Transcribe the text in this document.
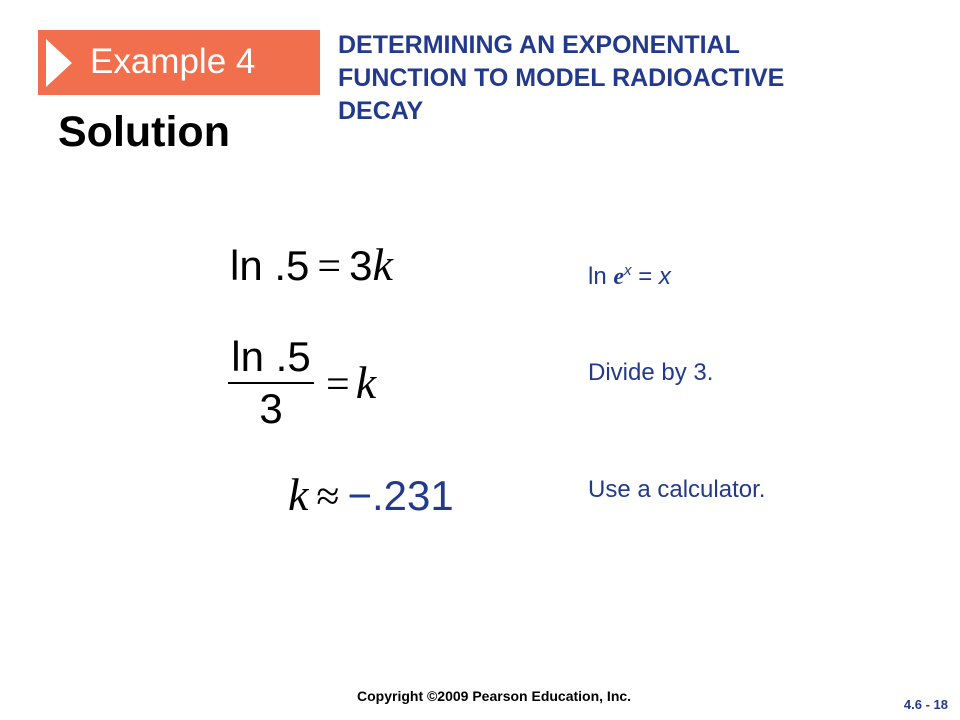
Example 4	DETERMINING AN EXPONENTIAL
FUNCTION TO MODEL RADIOACTIVE
DECAY
Solution
ln .5 = 3k	$\ln e^x = x$
ln .5
3	= k	Divide by 3.
k ≈ −.231	Use a calculator.
Copyright ©2009 Pearson Education, Inc.
4.6 - 18
